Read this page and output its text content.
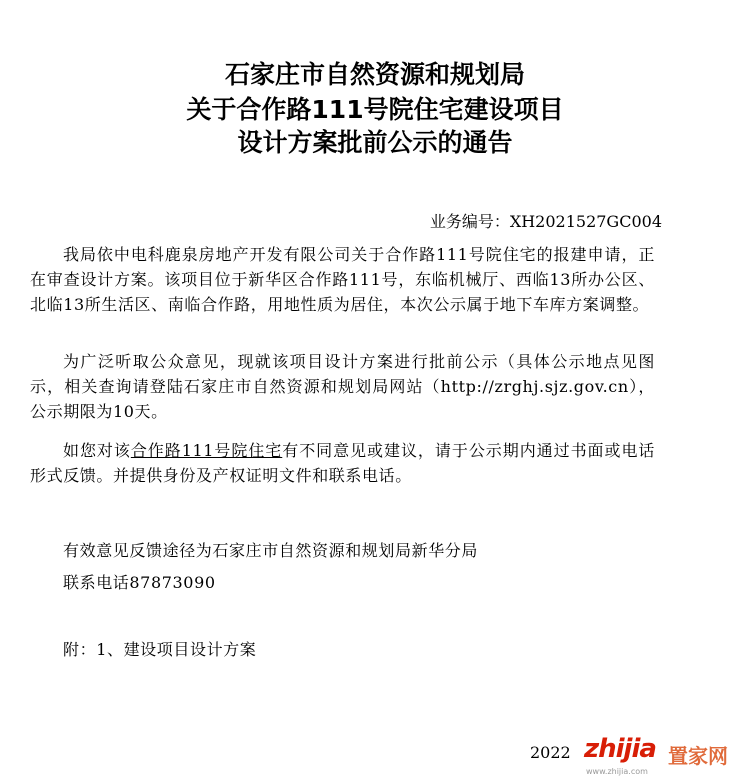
石家庄市自然资源和规划局
关于合作路111号院住宅建设项目
设计方案批前公示的通告
业务编号：XH2021527GC004
我局依中电科鹿泉房地产开发有限公司关于合作路111号院住宅的报建申请，正在审查设计方案。该项目位于新华区合作路111号，东临机械厅、西临13所办公区、北临13所生活区、南临合作路，用地性质为居住，本次公示属于地下车库方案调整。
为广泛听取公众意见，现就该项目设计方案进行批前公示（具体公示地点见图示，相关查询请登陆石家庄市自然资源和规划局网站（http://zrghj.sjz.gov.cn），公示期限为10天。
如您对该合作路111号院住宅有不同意见或建议，请于公示期内通过书面或电话形式反馈。并提供身份及产权证明文件和联系电话。
有效意见反馈途径为石家庄市自然资源和规划局新华分局
联系电话87873090
附：1、建设项目设计方案
2022 zhijia 置家网
www.zhijia.com
